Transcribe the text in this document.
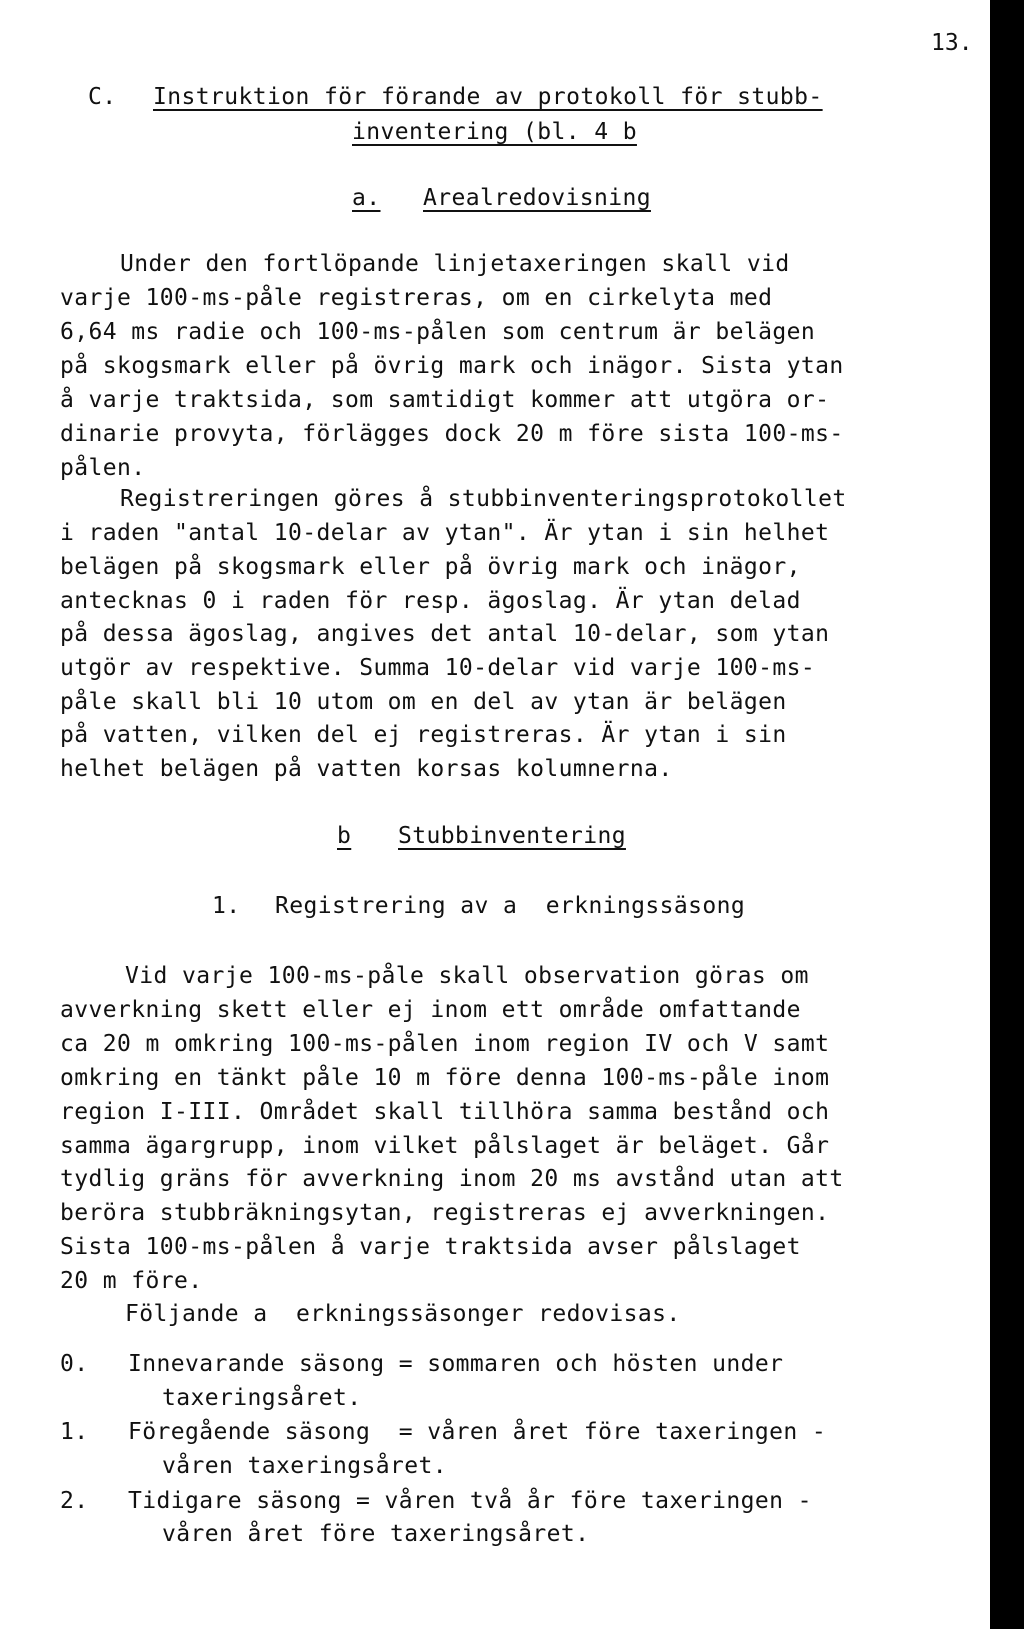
13.
C. Instruktion för förande av protokoll för stubb-
inventering (bl. 4 b
a. Arealredovisning
Under den fortlöpande linjetaxeringen skall vid
varje 100-ms-påle registreras, om en cirkelyta med
6,64 ms radie och 100-ms-pålen som centrum är belägen
på skogsmark eller på övrig mark och inägor. Sista ytan
å varje traktsida, som samtidigt kommer att utgöra or-
dinarie provyta, förlägges dock 20 m före sista 100-ms-
pålen.
Registreringen göres å stubbinventeringsprotokollet
i raden "antal 10-delar av ytan". Är ytan i sin helhet
belägen på skogsmark eller på övrig mark och inägor,
antecknas 0 i raden för resp. ägoslag. Är ytan delad
på dessa ägoslag, angives det antal 10-delar, som ytan
utgör av respektive. Summa 10-delar vid varje 100-ms-
påle skall bli 10 utom om en del av ytan är belägen
på vatten, vilken del ej registreras. Är ytan i sin
helhet belägen på vatten korsas kolumnerna.
b Stubbinventering
1. Registrering av a  erkningssäsong
Vid varje 100-ms-påle skall observation göras om
avverkning skett eller ej inom ett område omfattande
ca 20 m omkring 100-ms-pålen inom region IV och V samt
omkring en tänkt påle 10 m före denna 100-ms-påle inom
region I-III. Området skall tillhöra samma bestånd och
samma ägargrupp, inom vilket pålslaget är beläget. Går
tydlig gräns för avverkning inom 20 ms avstånd utan att
beröra stubbräkningsytan, registreras ej avverkningen.
Sista 100-ms-pålen å varje traktsida avser pålslaget
20 m före.
Följande a  erkningssäsonger redovisas.
0. Innevarande säsong = sommaren och hösten under
taxeringsåret.
1. Föregående säsong  = våren året före taxeringen -
våren taxeringsåret.
2. Tidigare säsong = våren två år före taxeringen -
våren året före taxeringsåret.
